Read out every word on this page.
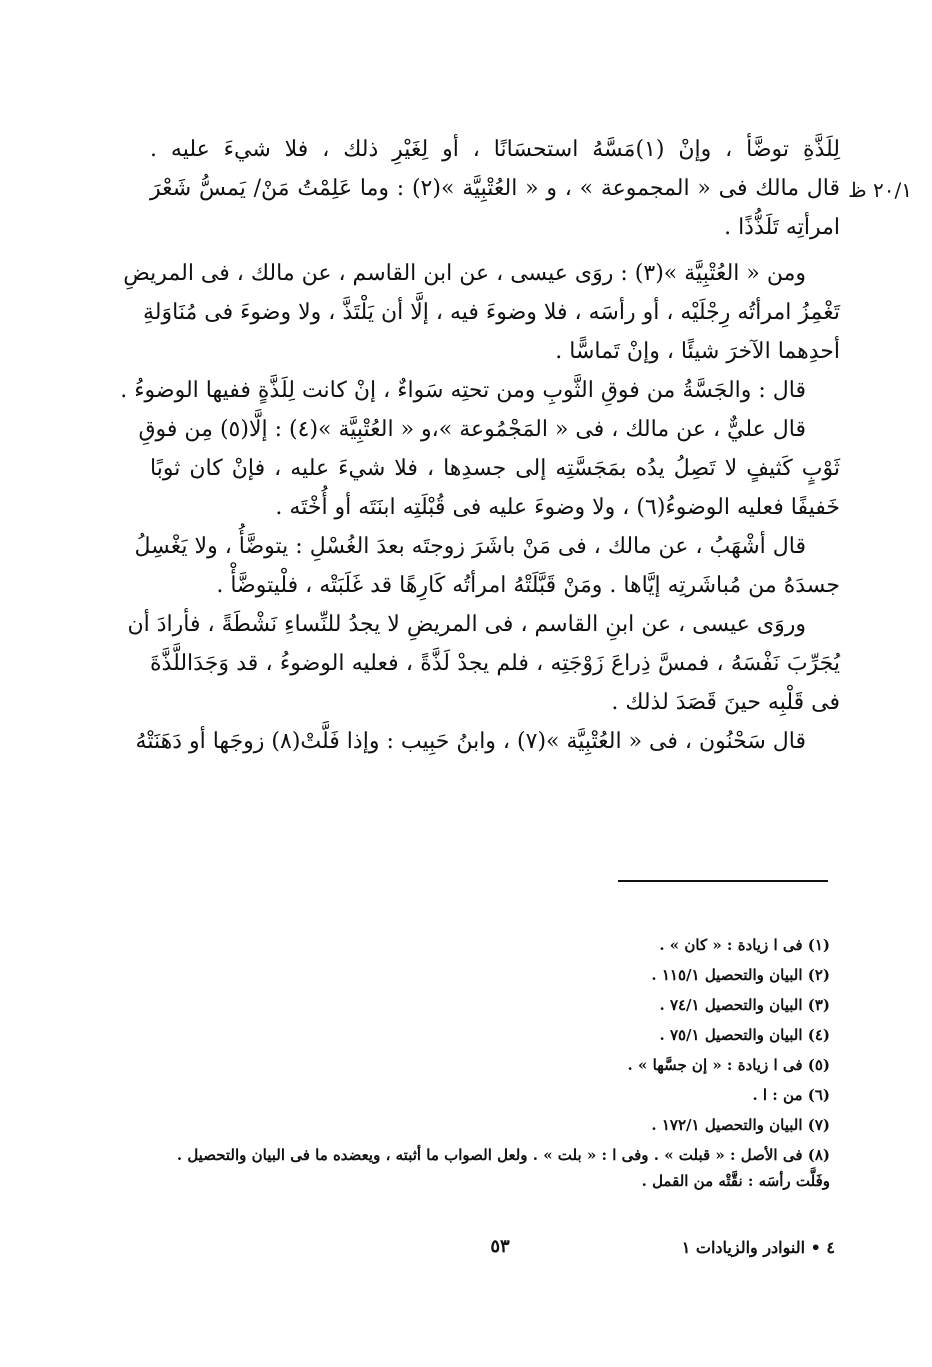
٢٠/١ ظ
لِلَذَّةِ توضَّأ ، وإنْ (١)مَسَّهُ استحسَانًا ، أو لِغَيْرِ ذلك ، فلا شيءَ عليه .
قال مالك فى « المجموعة » ، و « العُتْبِيَّة »(٢) : وما عَلِمْتُ مَنْ/ يَمسُّ شَعْرَ
امرأتِه تَلَذُّذًا .
ومن « العُتْبِيَّة »(٣) : روَى عيسى ، عن ابن القاسم ، عن مالك ، فى المريضِ
تَغْمِزُ امرأتُه رِجْلَيْه ، أو رأسَه ، فلا وضوءَ فيه ، إلَّا أن يَلْتَذَّ ، ولا وضوءَ فى مُنَاوَلةِ
أحدِهما الآخرَ شيئًا ، وإنْ تَماسًّا .
قال : والجَسَّةُ من فوقِ الثَّوبِ ومن تحتِه سَواءٌ ، إنْ كانت لِلَذَّةٍ ففيها الوضوءُ .
قال عليٌّ ، عن مالك ، فى « المَجْمُوعة »،و « العُتْبِيَّة »(٤) : إلَّا(٥) مِن فوقِ
ثَوْبٍ كَثيفٍ لا تَصِلُ يدُه بمَجَسَّتِه إلى جسدِها ، فلا شيءَ عليه ، فإنْ كان ثوبًا
خَفيفًا فعليه الوضوءُ(٦) ، ولا وضوءَ عليه فى قُبْلَتِه ابنَتَه أو أُخْتَه .
قال أشْهَبُ ، عن مالك ، فى مَنْ باشَرَ زوجتَه بعدَ الغُسْلِ : يتوضَّأُ ، ولا يَغْسِلُ
جسدَهُ من مُباشَرتِه إيَّاها . ومَنْ قَبَّلَتْهُ امرأتُه كَارِهًا قد غَلَبَتْه ، فلْيتوضَّأْ .
وروَى عيسى ، عن ابنِ القاسم ، فى المريضِ لا يجدُ للنِّساءِ نَشْطَةً ، فأرادَ أن
يُجَرِّبَ نَفْسَهُ ، فمسَّ ذِراعَ زَوْجَتِه ، فلم يجدْ لَذَّةً ، فعليه الوضوءُ ، قد وَجَدَاللَّذَّةَ
فى قَلْبِه حينَ قَصَدَ لذلك .
قال سَحْنُون ، فى « العُتْبِيَّة »(٧) ، وابنُ حَبِيب : وإذا فَلَّتْ(٨) زوجَها أو دَهَنَتْهُ
(١) فى ا زيادة : « كان » .
(٢) البيان والتحصيل ١١٥/١ .
(٣) البيان والتحصيل ٧٤/١ .
(٤) البيان والتحصيل ٧٥/١ .
(٥) فى ا زيادة : « إن جسَّها » .
(٦) من : ا .
(٧) البيان والتحصيل ١٧٢/١ .
(٨) فى الأصل : « قبلت » . وفى ا : « بلت » . ولعل الصواب ما أثبته ، ويعضده ما فى البيان والتحصيل .
وفَلَّت رأسَه : نقَّتْه من القمل .
٤ • النوادر والزيادات ١
٥٣
